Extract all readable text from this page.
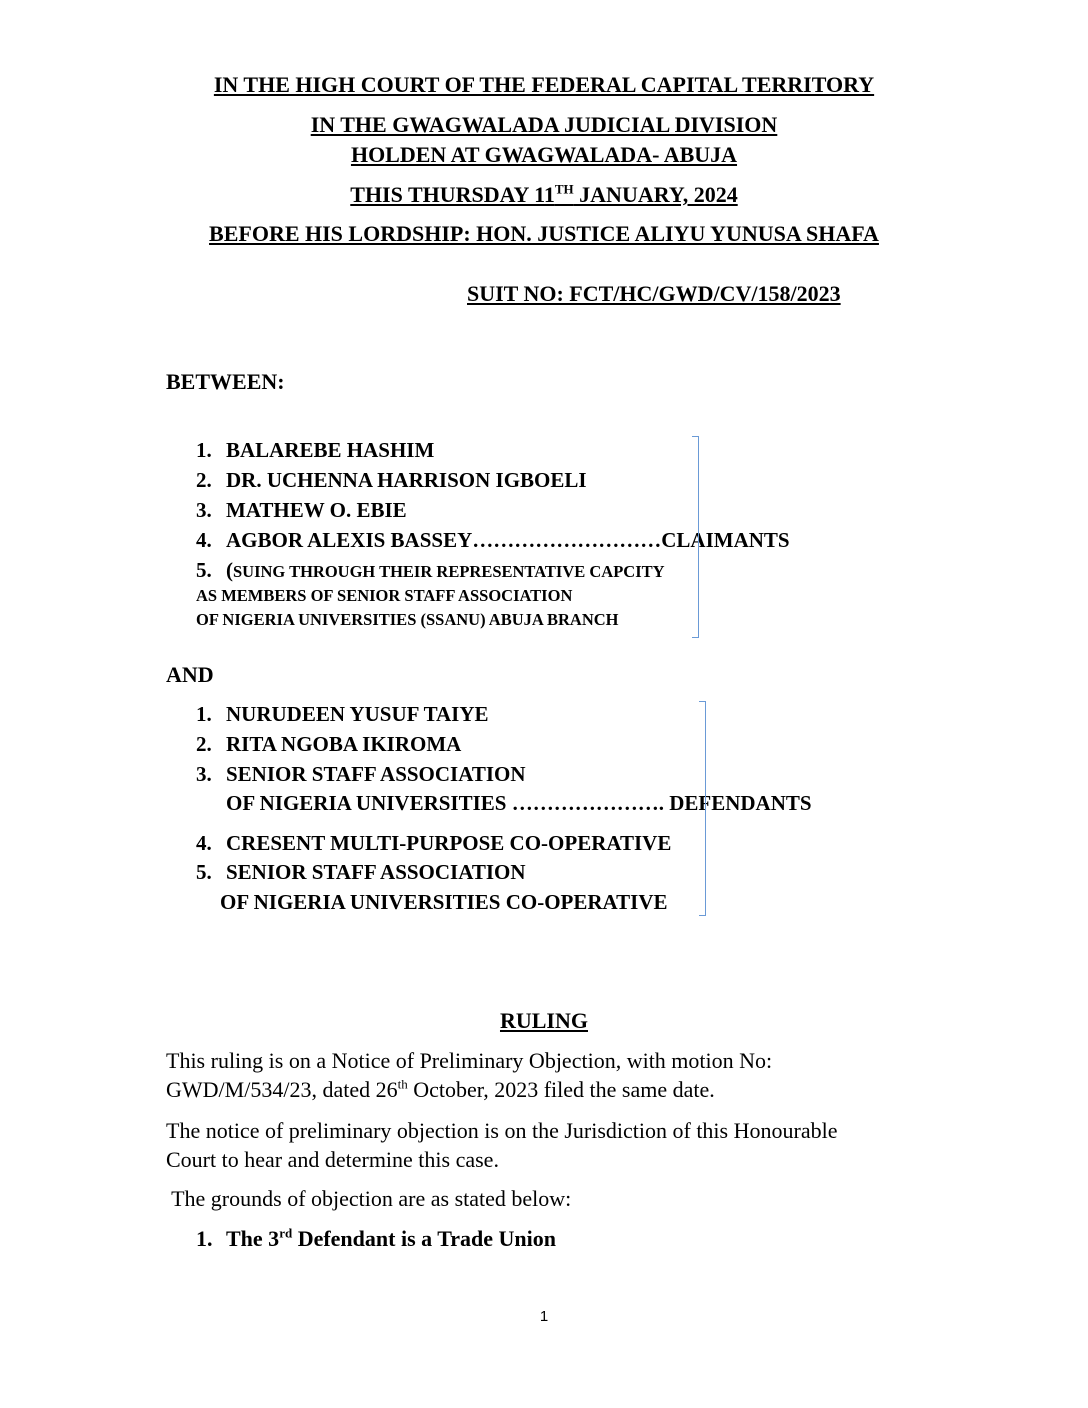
IN THE HIGH COURT OF THE FEDERAL CAPITAL TERRITORY
IN THE GWAGWALADA JUDICIAL DIVISION
HOLDEN AT GWAGWALADA- ABUJA
THIS THURSDAY 11TH JANUARY, 2024
BEFORE HIS LORDSHIP: HON. JUSTICE ALIYU YUNUSA SHAFA
SUIT NO: FCT/HC/GWD/CV/158/2023
BETWEEN:
1. BALAREBE HASHIM
2. DR. UCHENNA HARRISON IGBOELI
3. MATHEW O. EBIE
4. AGBOR ALEXIS BASSEY………………………CLAIMANTS
5. (SUING THROUGH THEIR REPRESENTATIVE CAPCITY
AS MEMBERS OF SENIOR STAFF ASSOCIATION
OF NIGERIA UNIVERSITIES (SSANU) ABUJA BRANCH
AND
1. NURUDEEN YUSUF TAIYE
2. RITA NGOBA IKIROMA
3. SENIOR STAFF ASSOCIATION
OF NIGERIA UNIVERSITIES …………………. DEFENDANTS
4. CRESENT MULTI-PURPOSE CO-OPERATIVE
5. SENIOR STAFF ASSOCIATION
OF NIGERIA UNIVERSITIES CO-OPERATIVE
RULING
This ruling is on a Notice of Preliminary Objection, with motion No:
GWD/M/534/23, dated 26th October, 2023 filed the same date.
The notice of preliminary objection is on the Jurisdiction of this Honourable
Court to hear and determine this case.
The grounds of objection are as stated below:
1. The 3rd Defendant is a Trade Union
1
